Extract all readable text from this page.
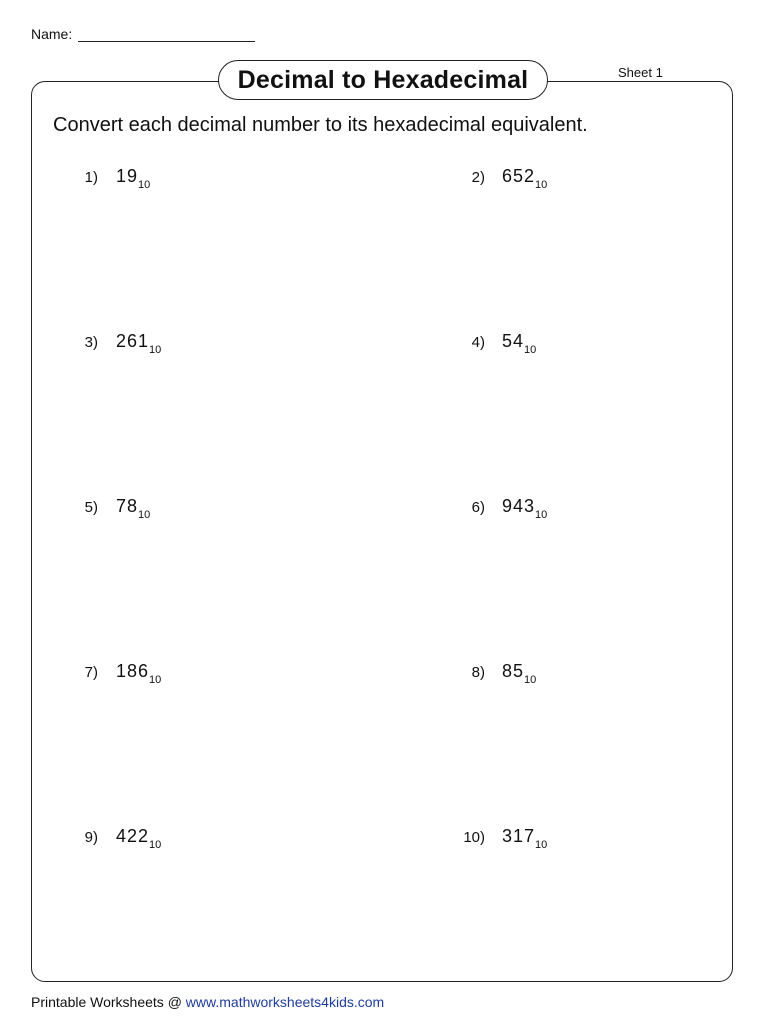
Name:
Decimal to Hexadecimal	Sheet 1
Convert each decimal number to its hexadecimal equivalent.
1) 19 10
3) 261 10
5) 78 10
7) 186 10
9) 422 10
2) 652 10
4) 54 10
6) 943 10
8) 85 10
10) 317 10
Printable Worksheets @ www.mathworksheets4kids.com
